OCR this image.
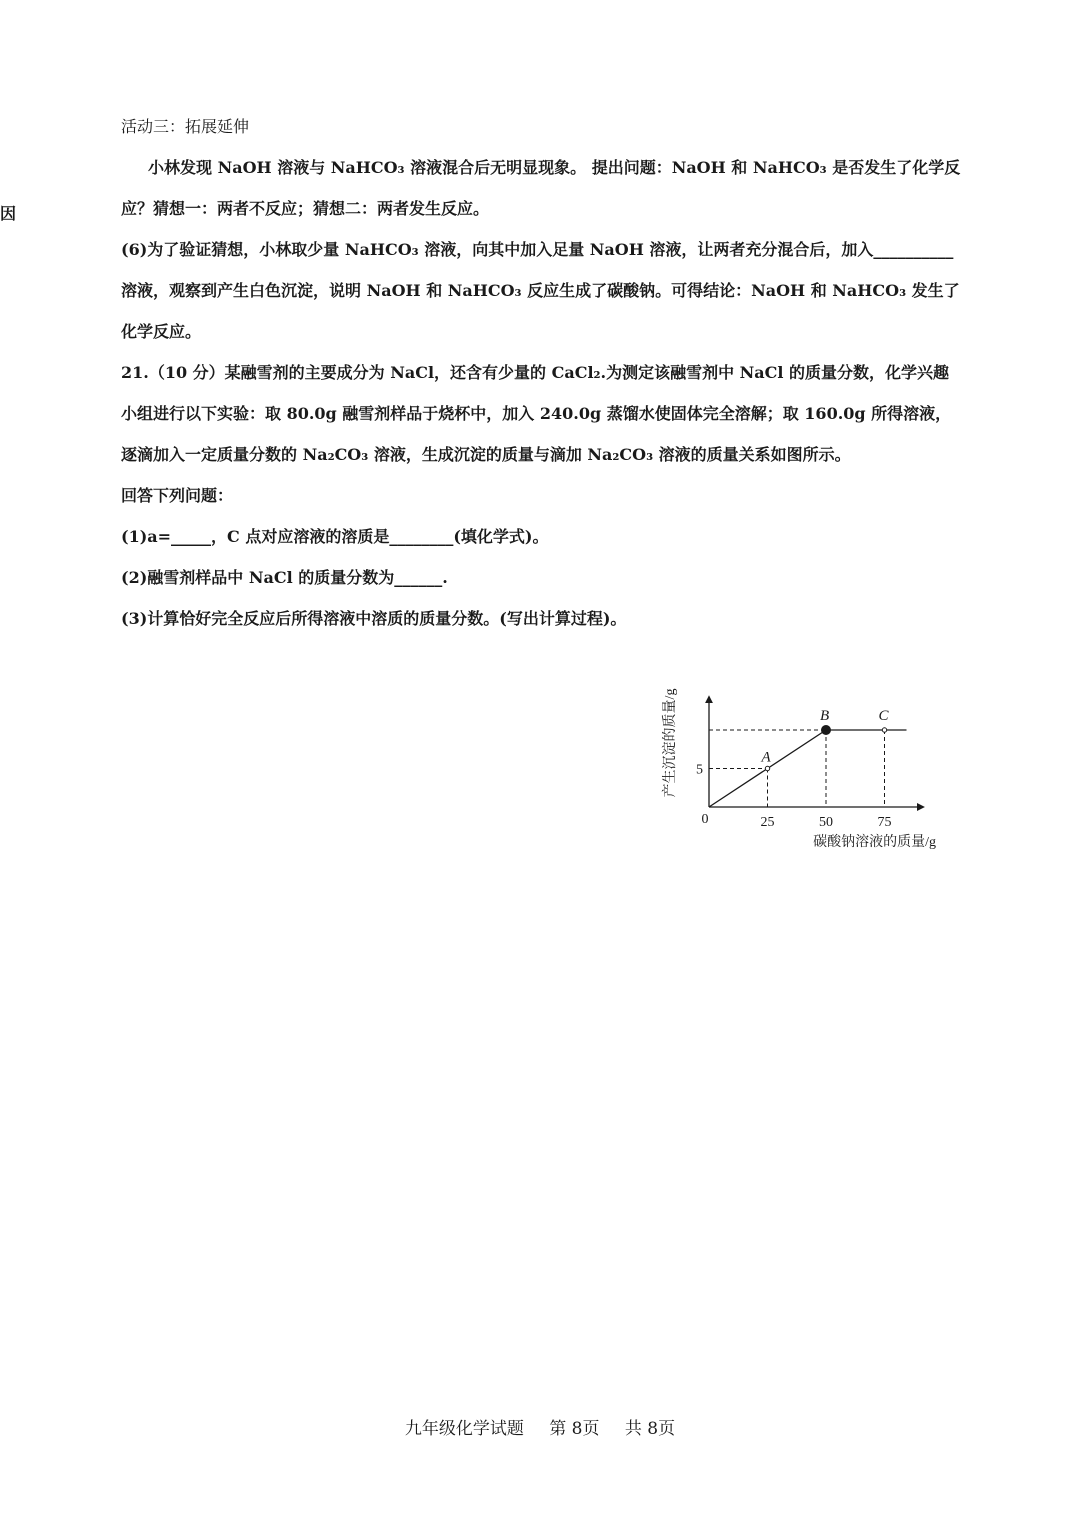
因
活动三：拓展延伸
小林发现 NaOH 溶液与 NaHCO₃ 溶液混合后无明显现象。 提出问题：NaOH 和 NaHCO₃ 是否发生了化学反
应？猜想一：两者不反应；猜想二：两者发生反应。
(6)为了验证猜想，小林取少量 NaHCO₃ 溶液，向其中加入足量 NaOH 溶液，让两者充分混合后，加入__________
溶液，观察到产生白色沉淀，说明 NaOH 和 NaHCO₃ 反应生成了碳酸钠。可得结论：NaOH 和 NaHCO₃ 发生了
化学反应。
21.（10 分）某融雪剂的主要成分为 NaCl，还含有少量的 CaCl₂.为测定该融雪剂中 NaCl 的质量分数，化学兴趣
小组进行以下实验：取 80.0g 融雪剂样品于烧杯中，加入 240.0g 蒸馏水使固体完全溶解；取 160.0g 所得溶液，
逐滴加入一定质量分数的 Na₂CO₃ 溶液，生成沉淀的质量与滴加 Na₂CO₃ 溶液的质量关系如图所示。
回答下列问题：
(1)a=_____，C 点对应溶液的溶质是________(填化学式)。
(2)融雪剂样品中 NaCl 的质量分数为______.
(3)计算恰好完全反应后所得溶液中溶质的质量分数。(写出计算过程)。
A
B	C
25	50	75
5
0
碳酸钠溶液的质量/g
产生沉淀的质量/g
九年级化学试题 第 8页 共 8页
